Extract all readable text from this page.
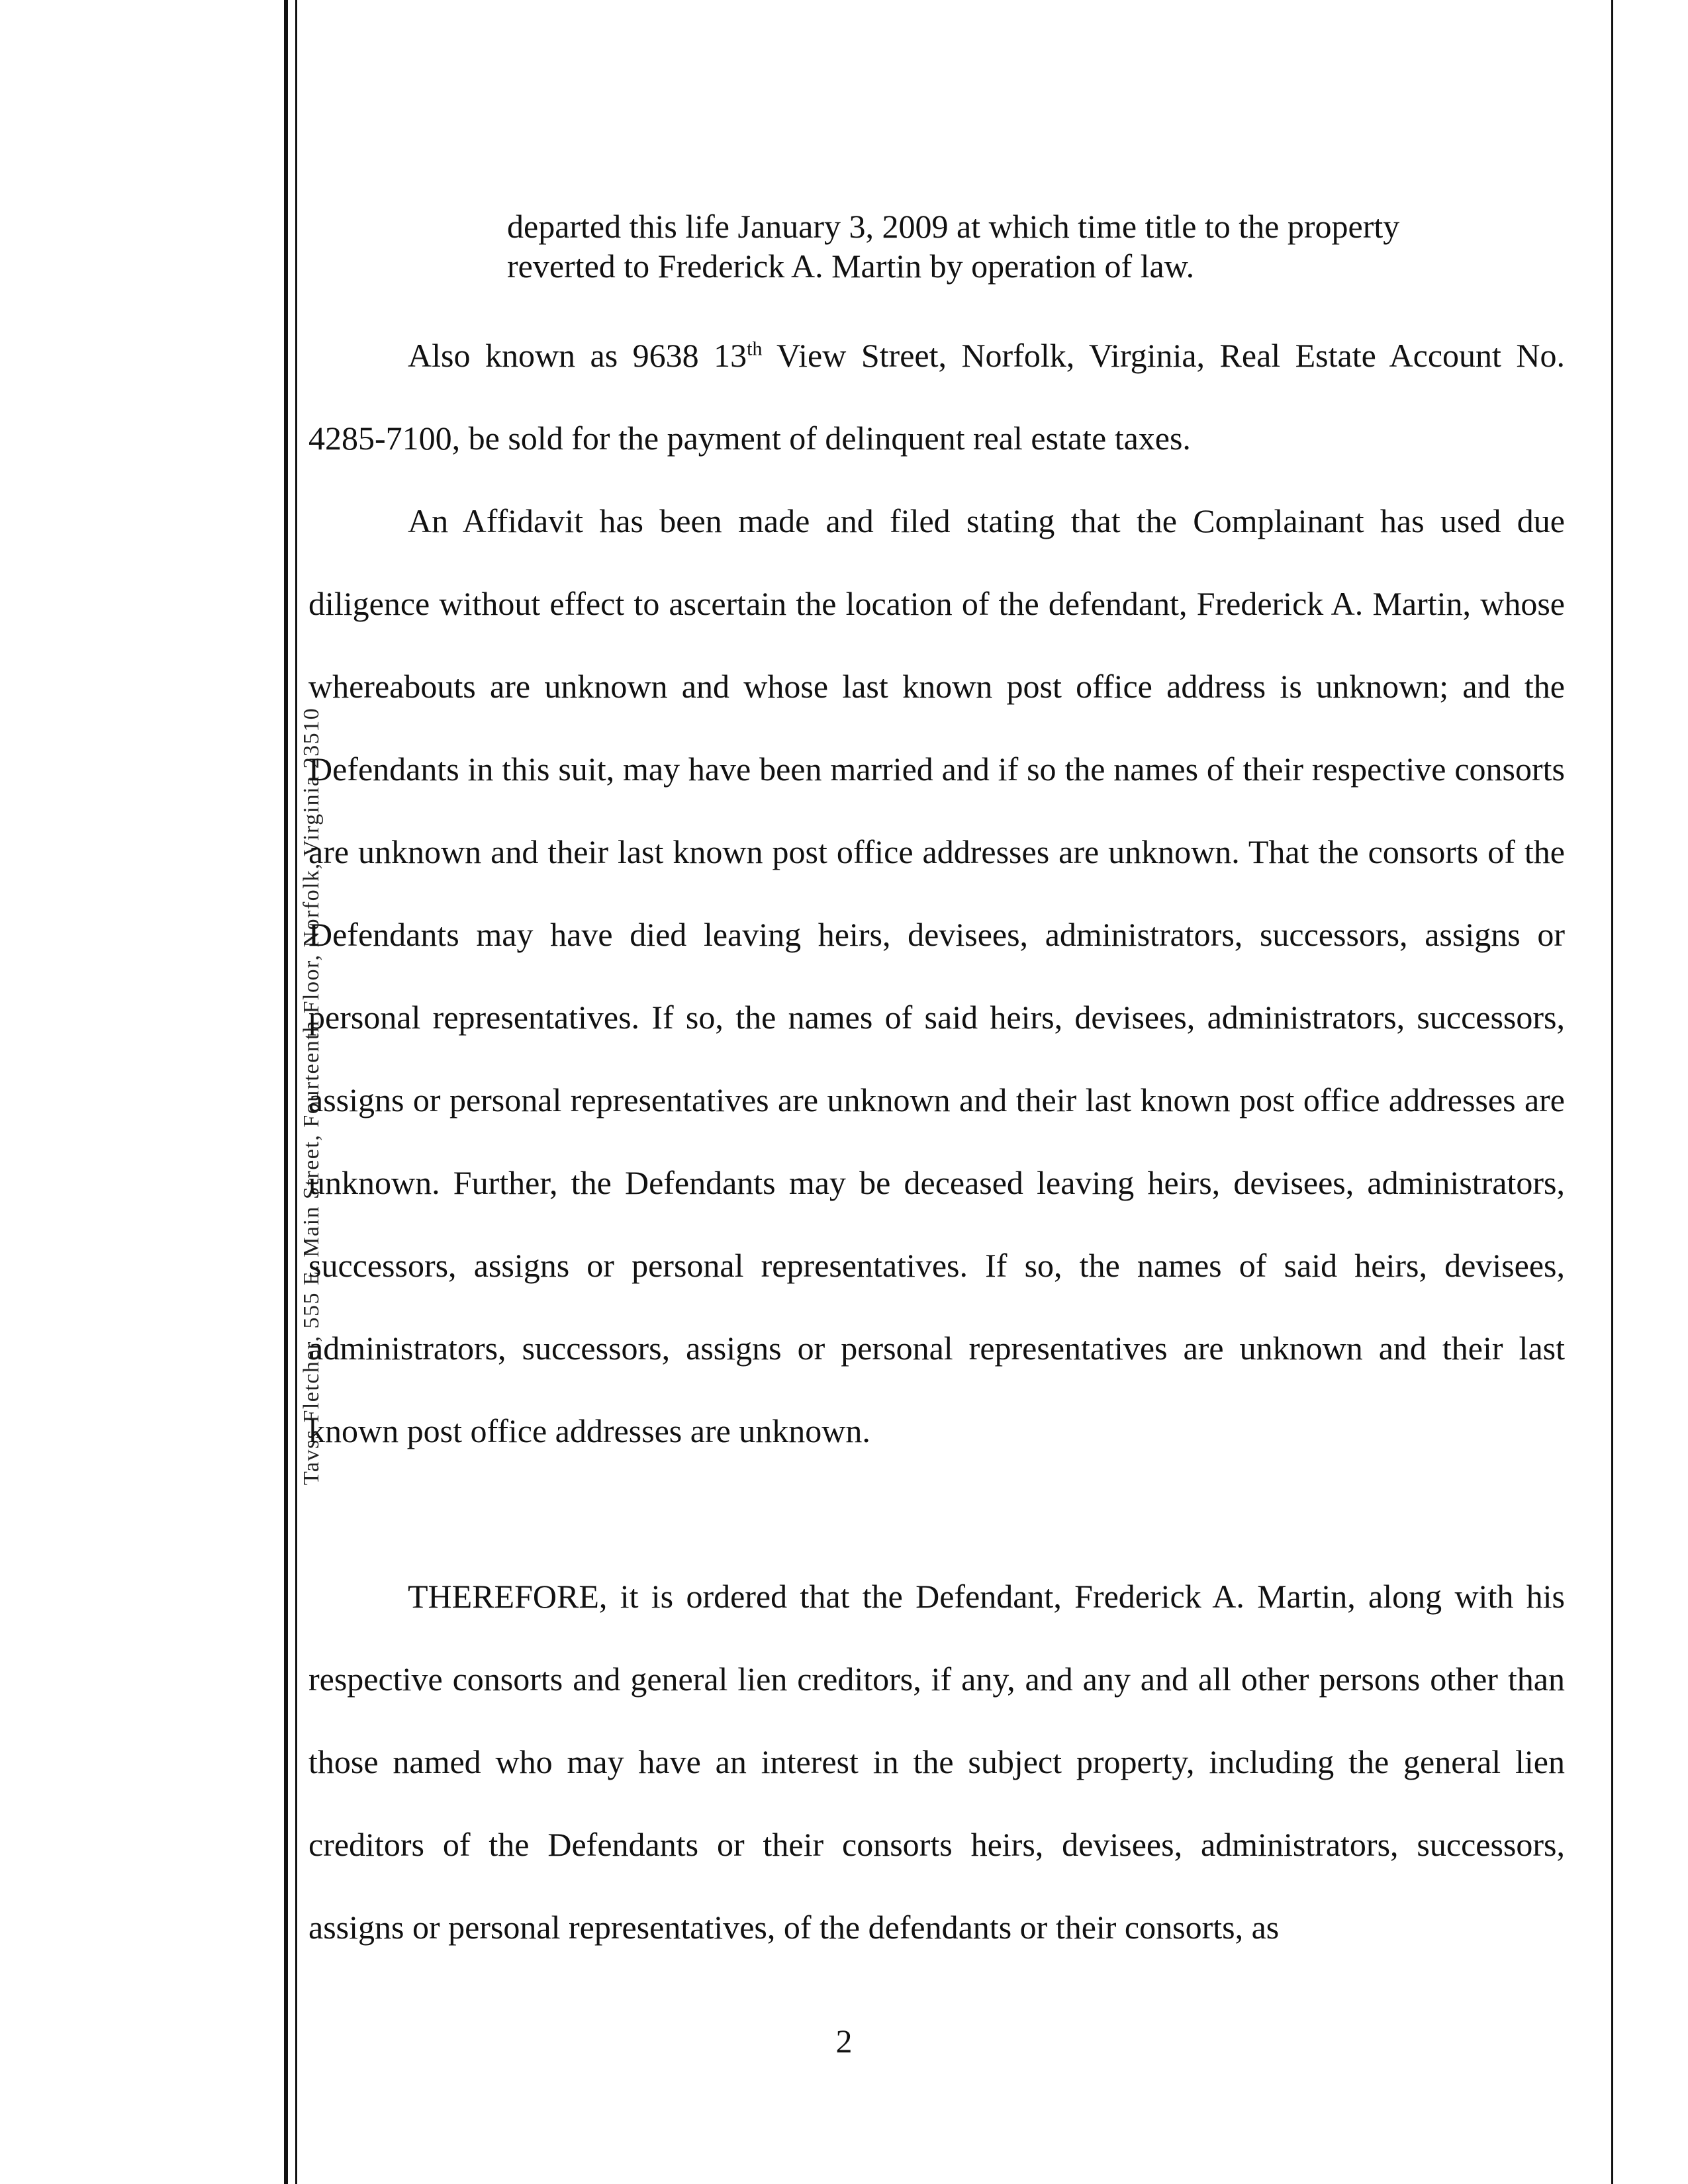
Tavss Fletcher, 555 E. Main Street, Fourteenth Floor, Norfolk, Virginia 23510
departed this life January 3, 2009 at which time title to the property reverted to Frederick A. Martin by operation of law.
Also known as 9638 13th View Street, Norfolk, Virginia, Real Estate Account No. 4285-7100, be sold for the payment of delinquent real estate taxes.
An Affidavit has been made and filed stating that the Complainant has used due diligence without effect to ascertain the location of the defendant, Frederick A. Martin, whose whereabouts are unknown and whose last known post office address is unknown; and the Defendants in this suit, may have been married and if so the names of their respective consorts are unknown and their last known post office addresses are unknown. That the consorts of the Defendants may have died leaving heirs, devisees, administrators, successors, assigns or personal representatives. If so, the names of said heirs, devisees, administrators, successors, assigns or personal representatives are unknown and their last known post office addresses are unknown. Further, the Defendants may be deceased leaving heirs, devisees, administrators, successors, assigns or personal representatives. If so, the names of said heirs, devisees, administrators, successors, assigns or personal representatives are unknown and their last known post office addresses are unknown.
THEREFORE, it is ordered that the Defendant, Frederick A. Martin, along with his respective consorts and general lien creditors, if any, and any and all other persons other than those named who may have an interest in the subject property, including the general lien creditors of the Defendants or their consorts heirs, devisees, administrators, successors, assigns or personal representatives, of the defendants or their consorts, as
2
